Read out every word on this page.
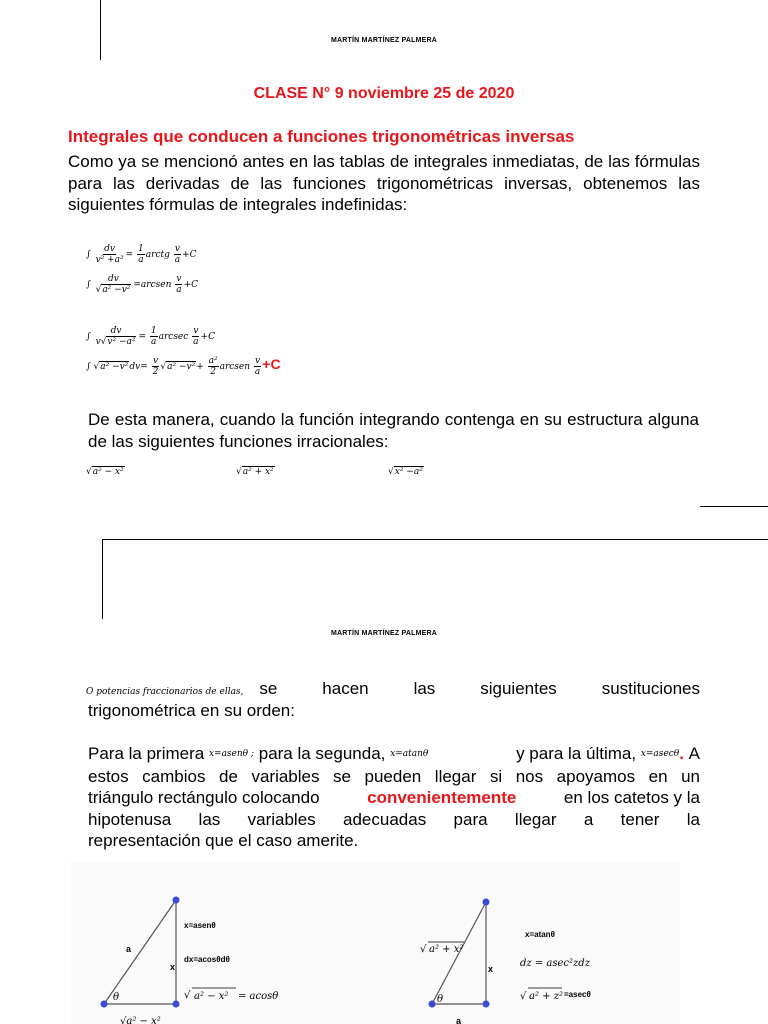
MARTÍN MARTÍNEZ PALMERA
CLASE N° 9 noviembre 25 de 2020
Integrales que conducen a funciones trigonométricas inversas
Como ya se mencionó antes en las tablas de integrales inmediatas, de las fórmulas para las derivadas de las funciones trigonométricas inversas, obtenemos las siguientes fórmulas de integrales indefinidas:
∫ $\frac{dv}{\text{v² +a²}} = \frac{1}{a}$ arctg $\frac{v}{a} +C$
∫ $\frac{dv}{\text{√a² −v²}}$ =arcsen $\frac{v}{a} +C$
∫ $\frac{dv}{\text{v√v² −a²}} = \frac{1}{a}$ arcsec $\frac{v}{a} +C$
∫ $√a^2 -v^2dv= \frac{v}{2} √a^2 -v^2+ \frac{\text{a²}}{2}$ arcsen $\frac{v}{a} +C$
De esta manera, cuando la función integrando contenga en su estructura alguna de las siguientes funciones irracionales:
√a² − x²	√a² + x²	√x² −a²
MARTÍN MARTÍNEZ PALMERA
O potencias fraccionarios de ellas, se hacen las siguientes sustituciones
trigonométrica en su orden:
Para la primera x=asenθ ; para la segunda, x=atanθ	y para la última, x=asecθ. A
estos cambios de variables se pueden llegar si nos apoyamos en un
triángulo rectángulo colocando	convenientemente	en los catetos y la
hipotenusa las variables adecuadas para llegar a tener la
representación que el caso amerite.
a
x
θ
x=asenθ
dx=acosθdθ
√ a² − x² = acosθ
√a² − x²
√ a² + x²
x
θ
a
x=atanθ
dz = asec²zdz
√ a² + z² =asecθ
